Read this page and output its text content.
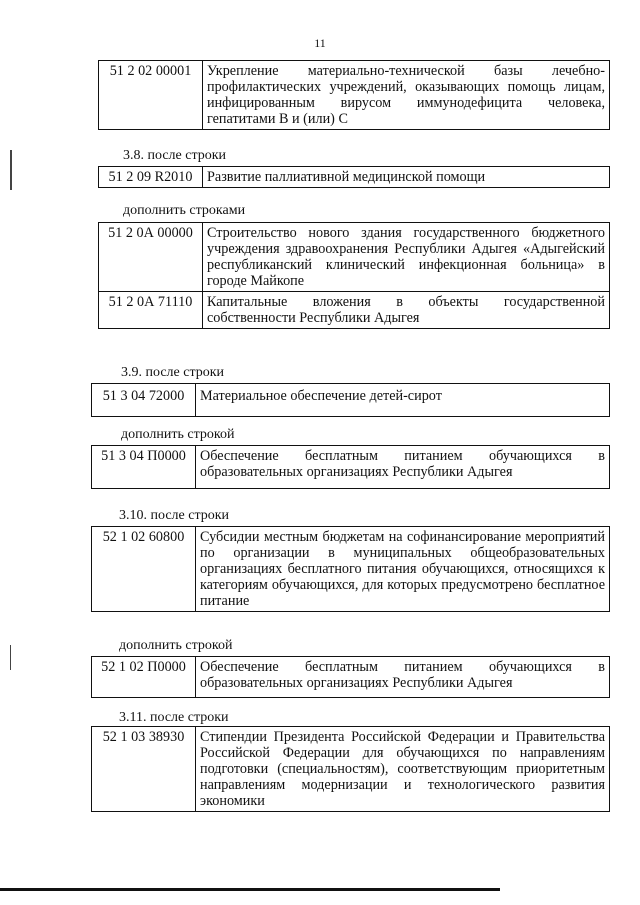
11
51 2 02 00001	Укрепление материально-технической базы лечебно-профилактических учреждений, оказывающих помощь лицам, инфицированным вирусом иммунодефицита человека, гепатитами В и (или) С
3.8. после строки
51 2 09 R2010	Развитие паллиативной медицинской помощи
дополнить строками
51 2 0А 00000	Строительство нового здания государственного бюджетного учреждения здравоохранения Республики Адыгея «Адыгейский республиканский клинический инфекционная больница» в городе Майкопе
51 2 0А 71110	Капитальные вложения в объекты государственной собственности Республики Адыгея
3.9. после строки
51 3 04 72000	Материальное обеспечение детей-сирот
дополнить строкой
51 3 04 П0000	Обеспечение бесплатным питанием обучающихся в образовательных организациях Республики Адыгея
3.10. после строки
52 1 02 60800	Субсидии местным бюджетам на софинансирование мероприятий по организации в муниципальных общеобразовательных организациях бесплатного питания обучающихся, относящихся к категориям обучающихся, для которых предусмотрено бесплатное питание
дополнить строкой
52 1 02 П0000	Обеспечение бесплатным питанием обучающихся в образовательных организациях Республики Адыгея
3.11. после строки
52 1 03 38930	Стипендии Президента Российской Федерации и Правительства Российской Федерации для обучающихся по направлениям подготовки (специальностям), соответствующим приоритетным направлениям модернизации и технологического развития экономики
